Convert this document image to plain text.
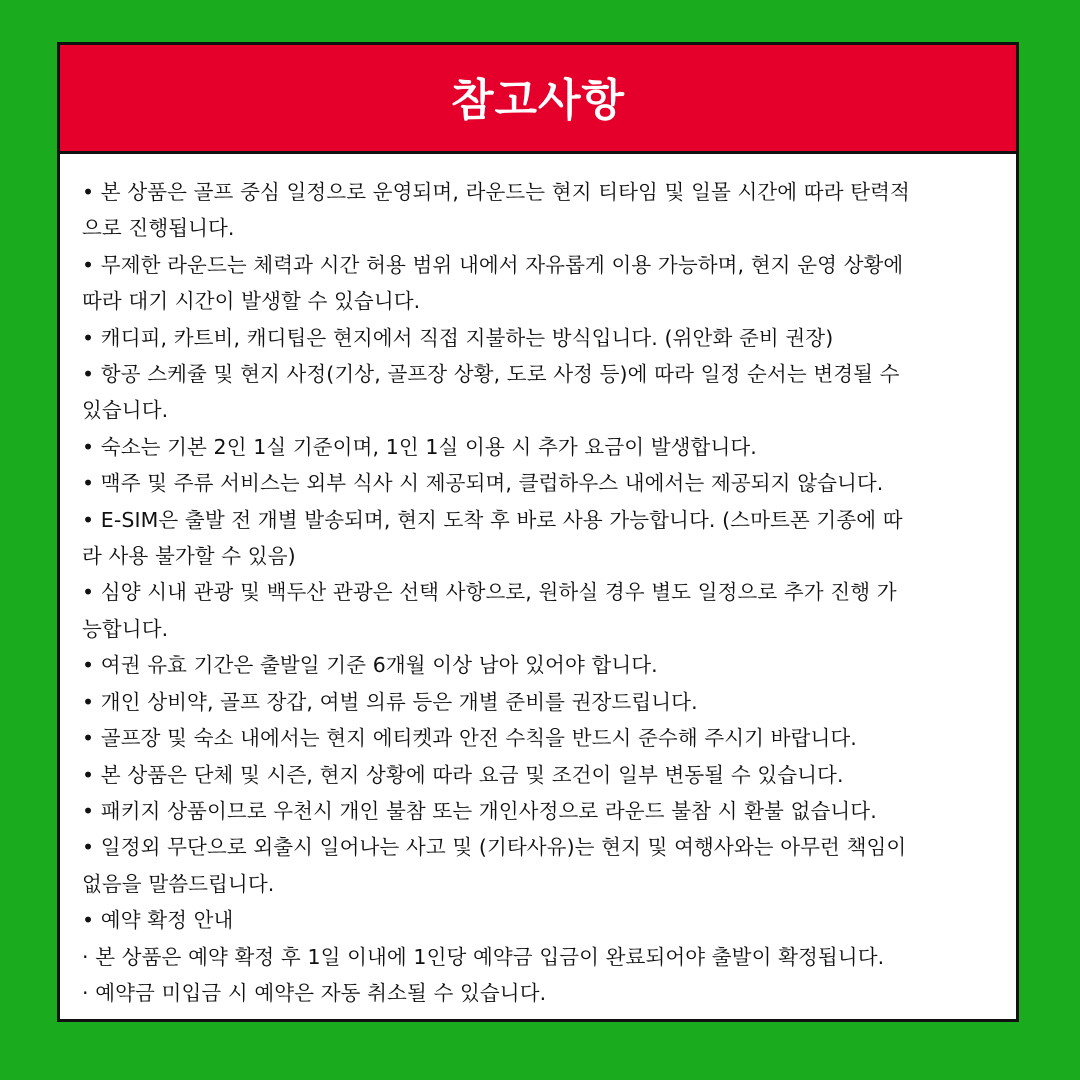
참고사항
• 본 상품은 골프 중심 일정으로 운영되며, 라운드는 현지 티타임 및 일몰 시간에 따라 탄력적
으로 진행됩니다.
• 무제한 라운드는 체력과 시간 허용 범위 내에서 자유롭게 이용 가능하며, 현지 운영 상황에
따라 대기 시간이 발생할 수 있습니다.
• 캐디피, 카트비, 캐디팁은 현지에서 직접 지불하는 방식입니다. (위안화 준비 권장)
• 항공 스케쥴 및 현지 사정(기상, 골프장 상황, 도로 사정 등)에 따라 일정 순서는 변경될 수
있습니다.
• 숙소는 기본 2인 1실 기준이며, 1인 1실 이용 시 추가 요금이 발생합니다.
• 맥주 및 주류 서비스는 외부 식사 시 제공되며, 클럽하우스 내에서는 제공되지 않습니다.
• E-SIM은 출발 전 개별 발송되며, 현지 도착 후 바로 사용 가능합니다. (스마트폰 기종에 따
라 사용 불가할 수 있음)
• 심양 시내 관광 및 백두산 관광은 선택 사항으로, 원하실 경우 별도 일정으로 추가 진행 가
능합니다.
• 여권 유효 기간은 출발일 기준 6개월 이상 남아 있어야 합니다.
• 개인 상비약, 골프 장갑, 여벌 의류 등은 개별 준비를 권장드립니다.
• 골프장 및 숙소 내에서는 현지 에티켓과 안전 수칙을 반드시 준수해 주시기 바랍니다.
• 본 상품은 단체 및 시즌, 현지 상황에 따라 요금 및 조건이 일부 변동될 수 있습니다.
• 패키지 상품이므로 우천시 개인 불참 또는 개인사정으로 라운드 불참 시 환불 없습니다.
• 일정외 무단으로 외출시 일어나는 사고 및 (기타사유)는 현지 및 여행사와는 아무런 책임이
없음을 말씀드립니다.
• 예약 확정 안내
· 본 상품은 예약 확정 후 1일 이내에 1인당 예약금 입금이 완료되어야 출발이 확정됩니다.
· 예약금 미입금 시 예약은 자동 취소될 수 있습니다.
